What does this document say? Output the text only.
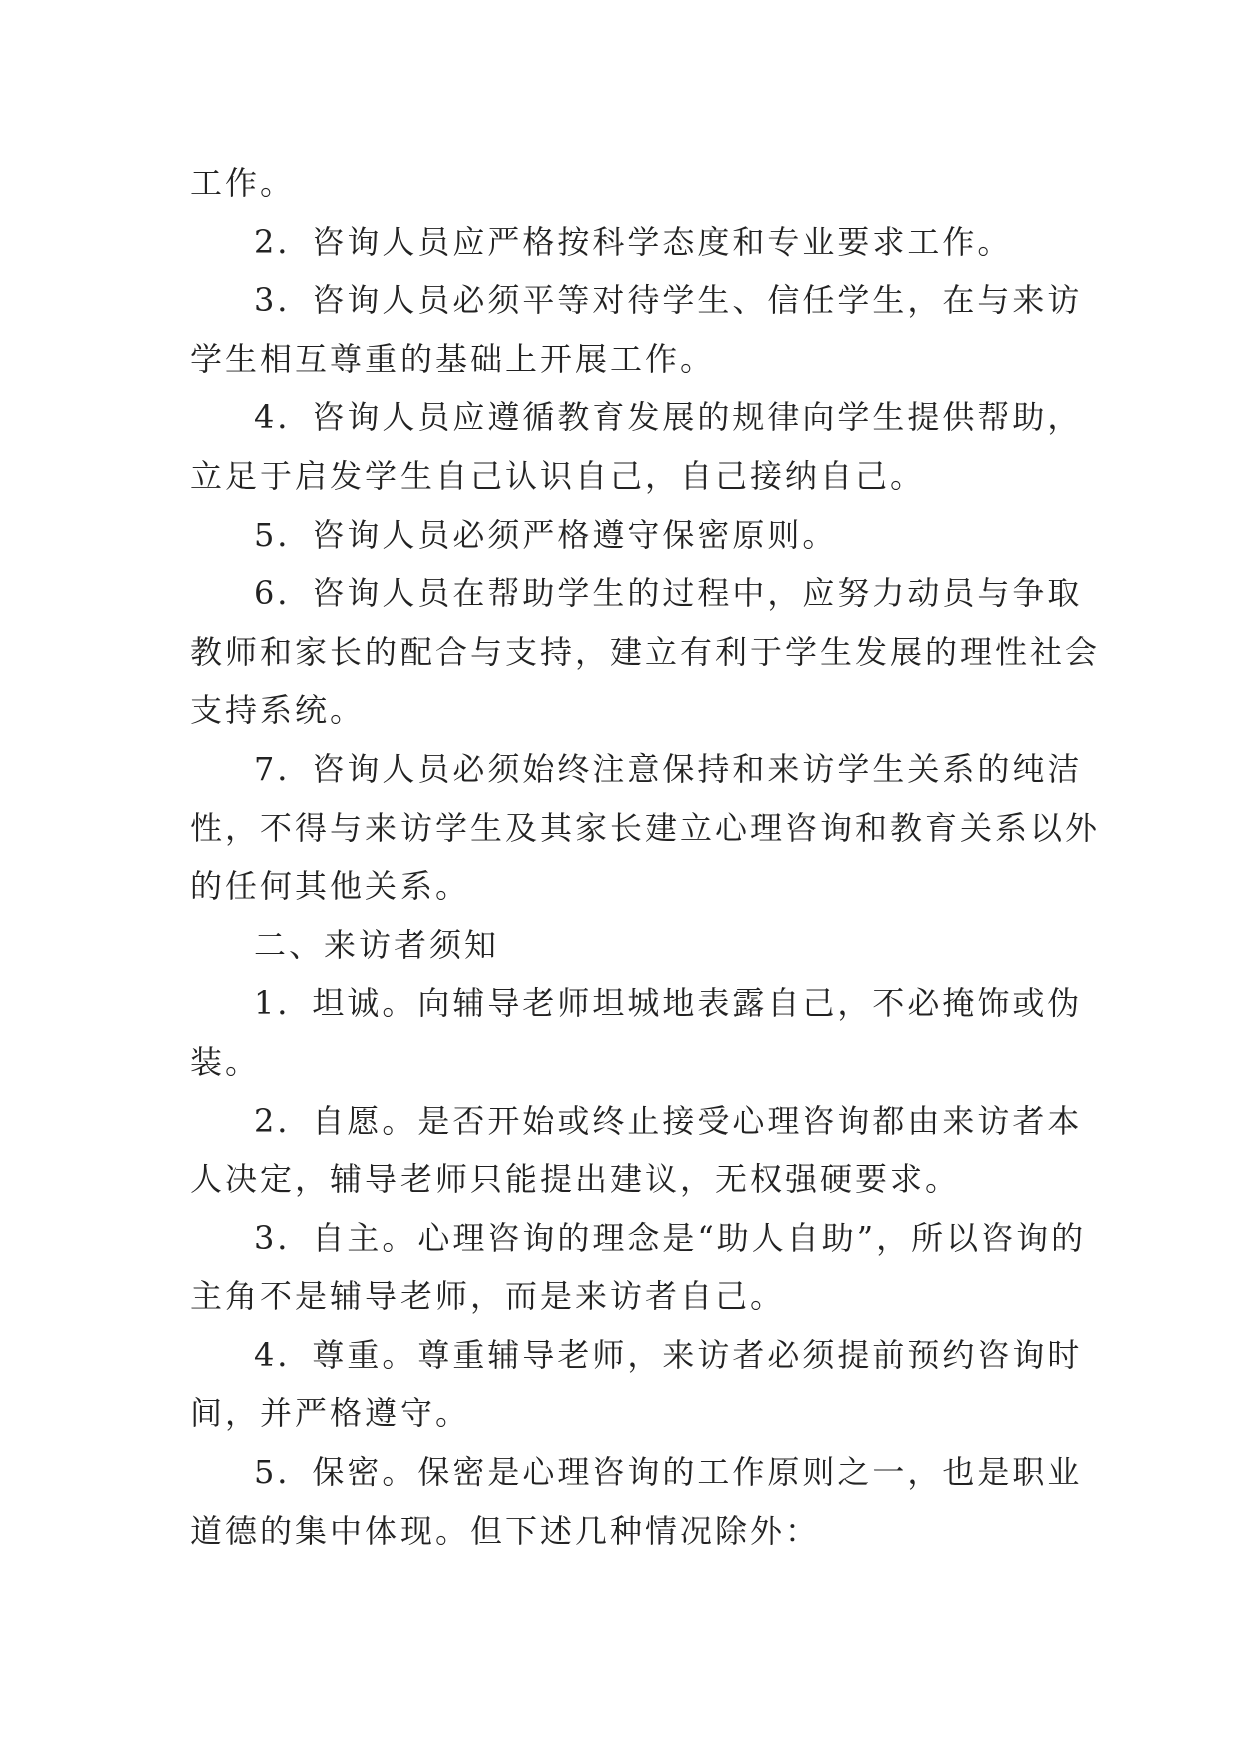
工作。
2．咨询人员应严格按科学态度和专业要求工作。
3．咨询人员必须平等对待学生、信任学生，在与来访
学生相互尊重的基础上开展工作。
4．咨询人员应遵循教育发展的规律向学生提供帮助，
立足于启发学生自己认识自己，自己接纳自己。
5．咨询人员必须严格遵守保密原则。
6．咨询人员在帮助学生的过程中，应努力动员与争取
教师和家长的配合与支持，建立有利于学生发展的理性社会
支持系统。
7．咨询人员必须始终注意保持和来访学生关系的纯洁
性，不得与来访学生及其家长建立心理咨询和教育关系以外
的任何其他关系。
二、来访者须知
1．坦诚。向辅导老师坦城地表露自己，不必掩饰或伪
装。
2．自愿。是否开始或终止接受心理咨询都由来访者本
人决定，辅导老师只能提出建议，无权强硬要求。
3．自主。心理咨询的理念是“助人自助”，所以咨询的
主角不是辅导老师，而是来访者自己。
4．尊重。尊重辅导老师，来访者必须提前预约咨询时
间，并严格遵守。
5．保密。保密是心理咨询的工作原则之一，也是职业
道德的集中体现。但下述几种情况除外：
